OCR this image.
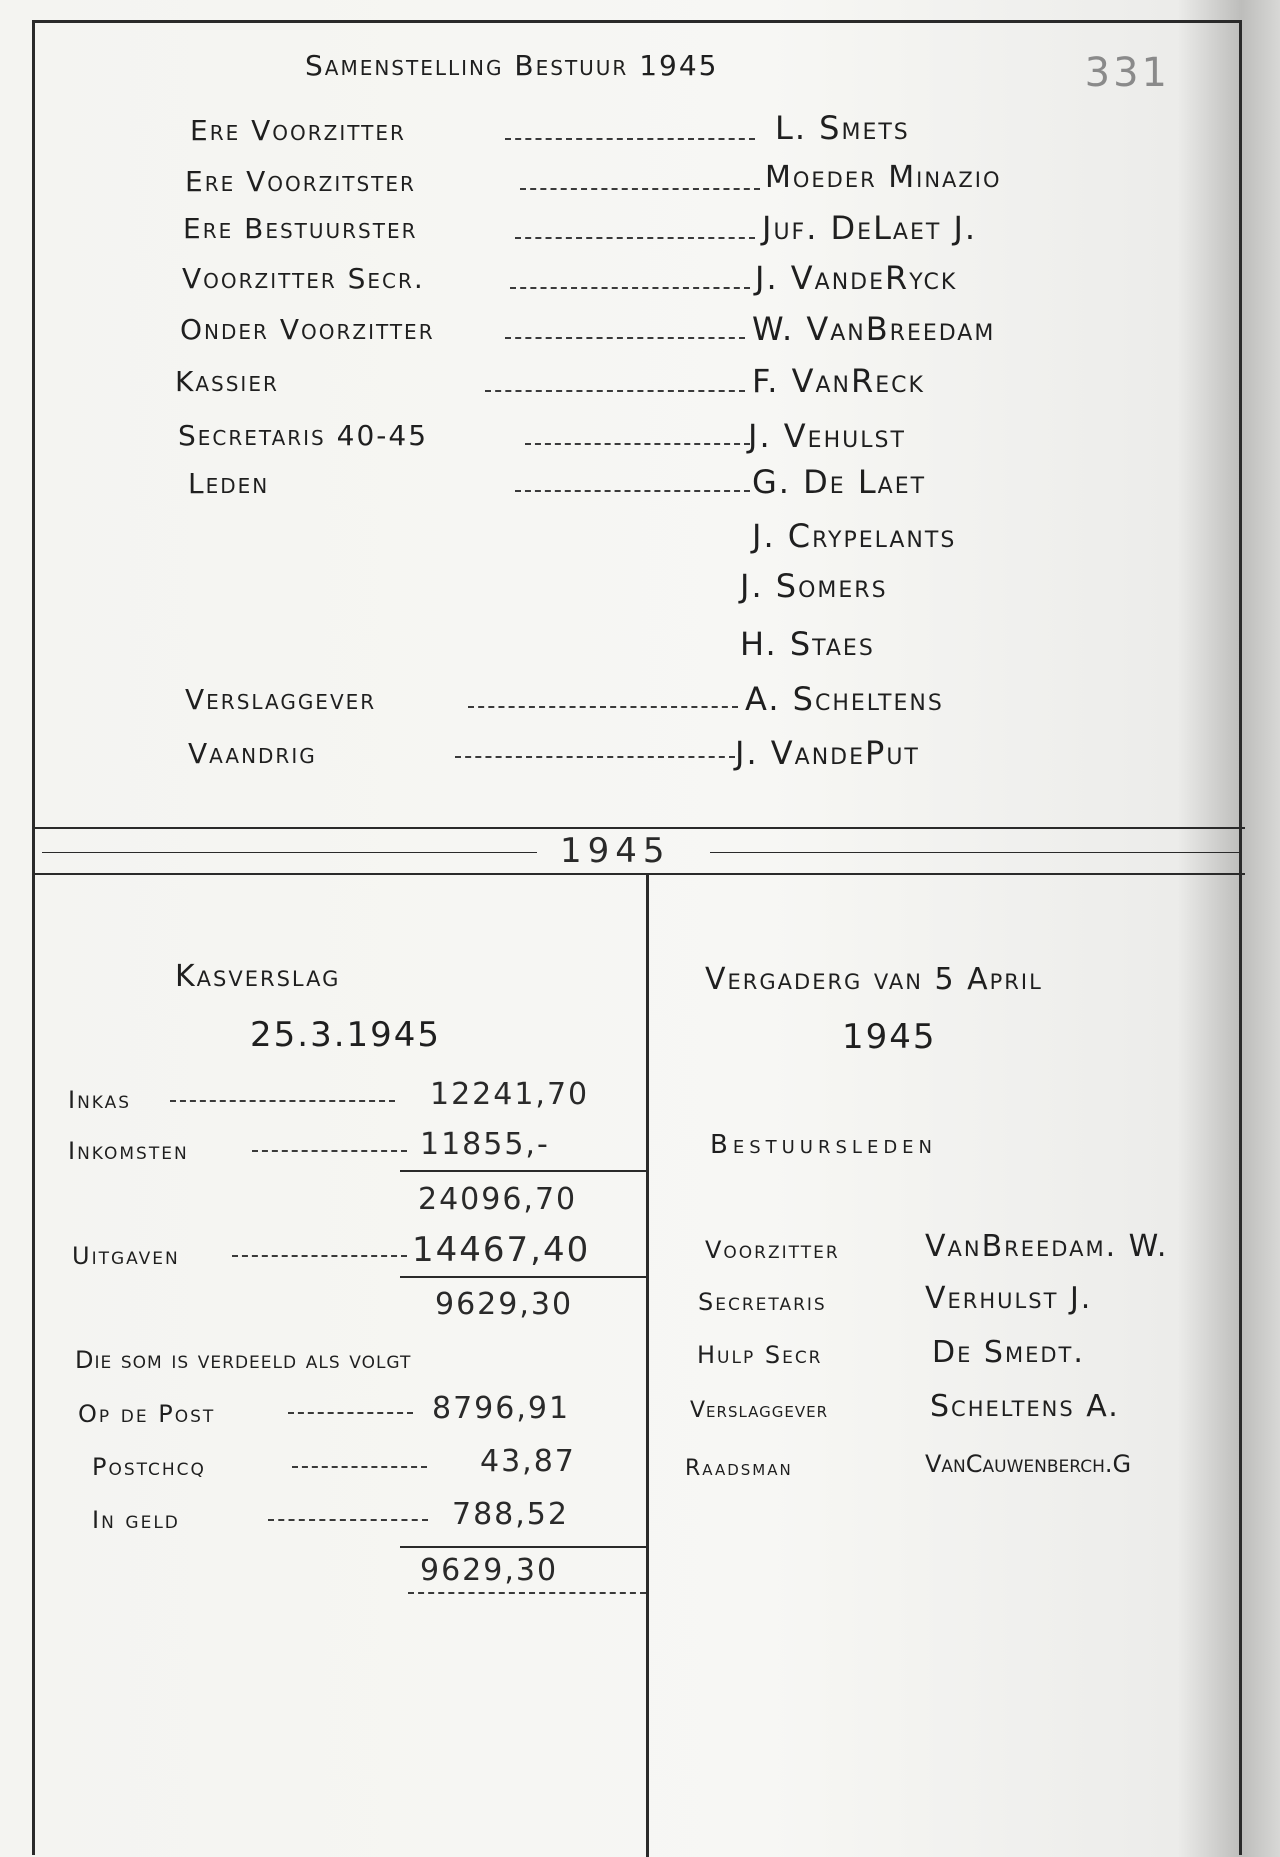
331
Samenstelling Bestuur 1945
Ere Voorzitter	L. Smets
Ere Voorzitster	Moeder Minazio
Ere Bestuurster	Juf. DeLaet J.
Voorzitter Secr.	J. VandeRyck
Onder Voorzitter	W. VanBreedam
Kassier	F. VanReck
Secretaris 40-45	J. Vehulst
Leden	G. De Laet
J. Crypelants
J. Somers
H. Staes
Verslaggever	A. Scheltens
Vaandrig	J. VandePut
1945
Kasverslag
25.3.1945
Inkas	12241,70
Inkomsten	11855,-
24096,70
Uitgaven	14467,40
9629,30
Die som is verdeeld als volgt
Op de Post	8796,91
Postchcq	43,87
In geld	788,52
9629,30
Vergaderg van 5 April
1945
Bestuursleden
Voorzitter	VanBreedam. W.
Secretaris	Verhulst J.
Hulp Secr	De Smedt.
Verslaggever	Scheltens A.
Raadsman	VanCauwenberch.G
